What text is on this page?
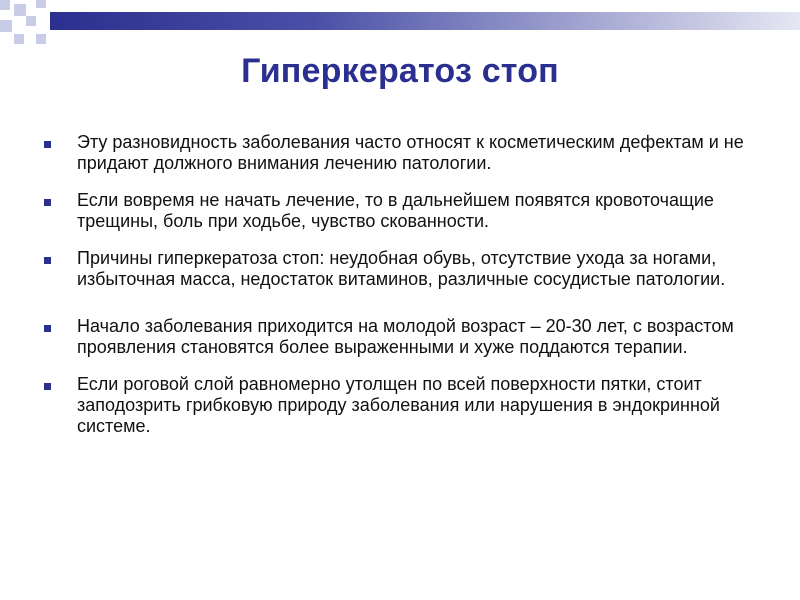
Гиперкератоз стоп
Эту разновидность заболевания часто относят к косметическим дефектам и не придают должного внимания лечению патологии.
Если вовремя не начать лечение, то в дальнейшем появятся кровоточащие трещины, боль при ходьбе, чувство скованности.
Причины гиперкератоза стоп: неудобная обувь, отсутствие ухода за ногами, избыточная масса, недостаток витаминов, различные сосудистые патологии.
Начало заболевания приходится на молодой возраст – 20-30 лет, с возрастом проявления становятся более выраженными и хуже поддаются терапии.
Если роговой слой равномерно утолщен по всей поверхности пятки, стоит заподозрить грибковую природу заболевания или нарушения в эндокринной системе.
